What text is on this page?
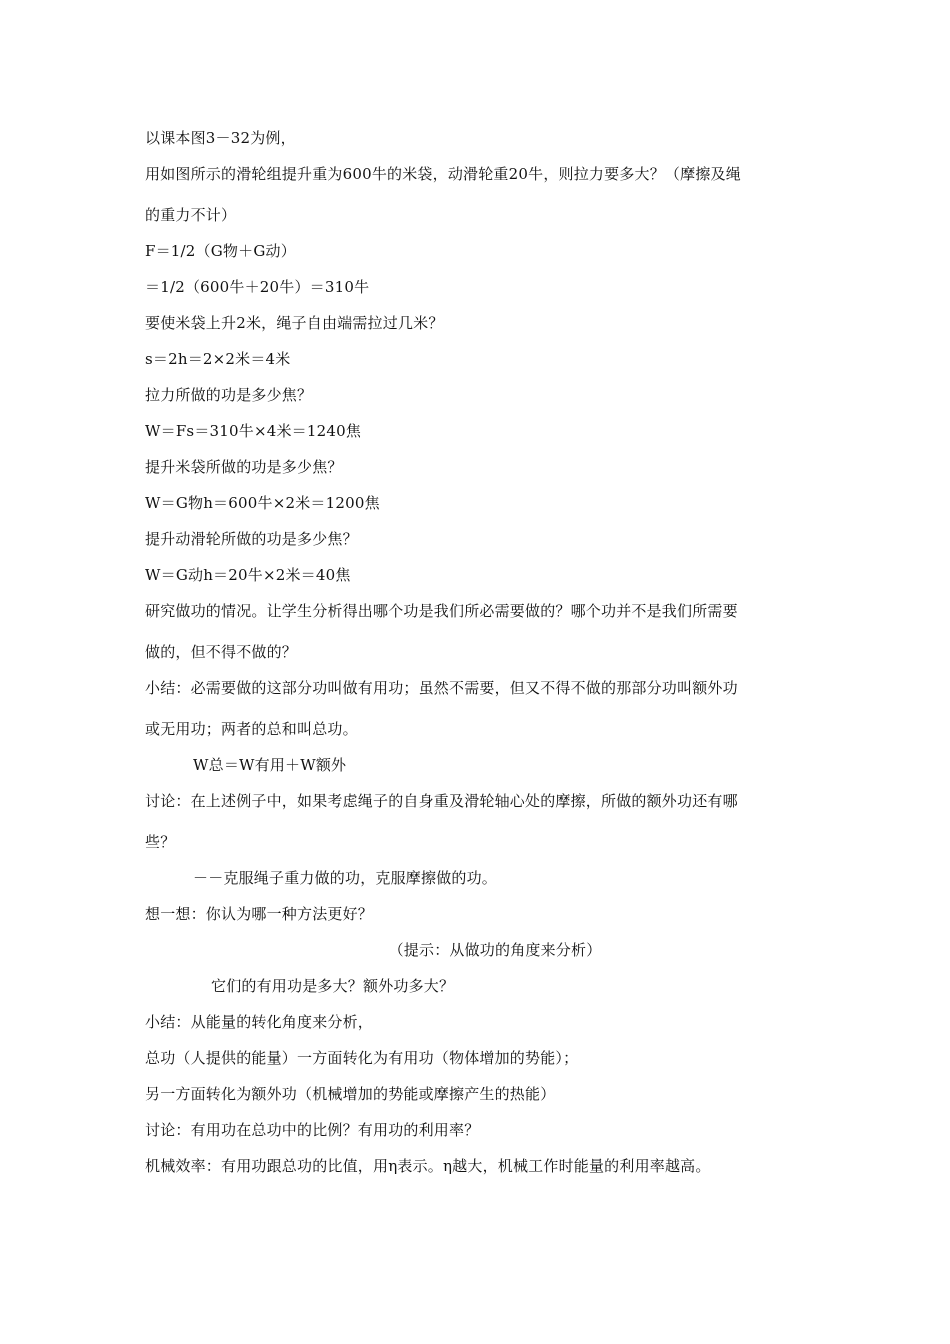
以课本图3－32为例，
用如图所示的滑轮组提升重为600牛的米袋，动滑轮重20牛，则拉力要多大？（摩擦及绳
的重力不计）
F＝1/2（G物＋G动）
＝1/2（600牛＋20牛）＝310牛
要使米袋上升2米，绳子自由端需拉过几米？
s＝2h＝2×2米＝4米
拉力所做的功是多少焦？
W＝Fs＝310牛×4米＝1240焦
提升米袋所做的功是多少焦？
W＝G物h＝600牛×2米＝1200焦
提升动滑轮所做的功是多少焦？
W＝G动h＝20牛×2米＝40焦
研究做功的情况。让学生分析得出哪个功是我们所必需要做的？哪个功并不是我们所需要
做的，但不得不做的？
小结：必需要做的这部分功叫做有用功；虽然不需要，但又不得不做的那部分功叫额外功
或无用功；两者的总和叫总功。
W总＝W有用＋W额外
讨论：在上述例子中，如果考虑绳子的自身重及滑轮轴心处的摩擦，所做的额外功还有哪
些？
－－克服绳子重力做的功，克服摩擦做的功。
想一想：你认为哪一种方法更好？
（提示：从做功的角度来分析）
它们的有用功是多大？额外功多大？
小结：从能量的转化角度来分析，
总功（人提供的能量）一方面转化为有用功（物体增加的势能）；
另一方面转化为额外功（机械增加的势能或摩擦产生的热能）
讨论：有用功在总功中的比例？有用功的利用率？
机械效率：有用功跟总功的比值，用η表示。η越大，机械工作时能量的利用率越高。
